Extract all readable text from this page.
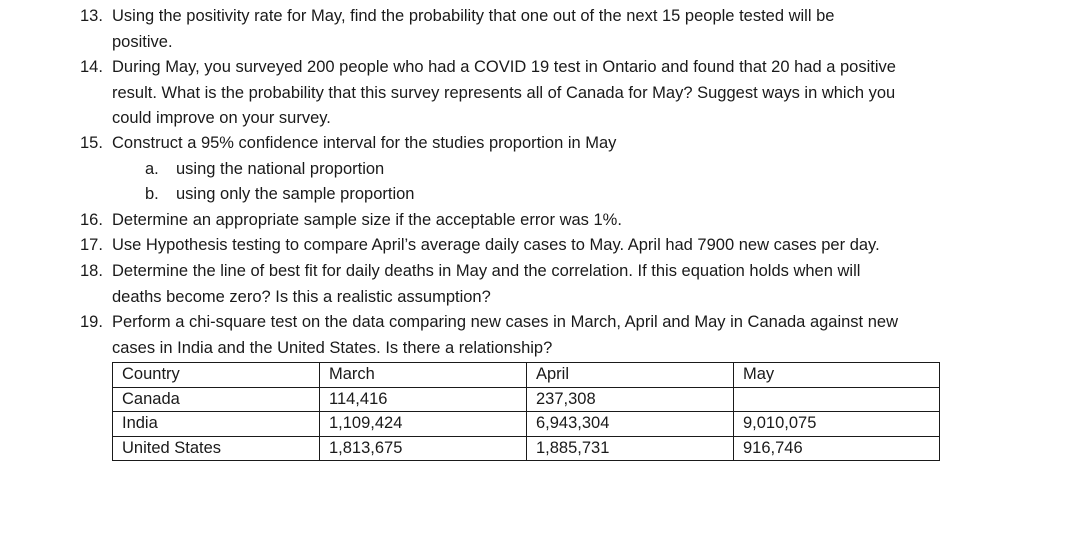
13. Using the positivity rate for May, find the probability that one out of the next 15 people tested will be
positive.
14. During May, you surveyed 200 people who had a COVID 19 test in Ontario and found that 20 had a positive
result. What is the probability that this survey represents all of Canada for May? Suggest ways in which you
could improve on your survey.
15. Construct a 95% confidence interval for the studies proportion in May
a. using the national proportion
b. using only the sample proportion
16. Determine an appropriate sample size if the acceptable error was 1%.
17. Use Hypothesis testing to compare April’s average daily cases to May. April had 7900 new cases per day.
18. Determine the line of best fit for daily deaths in May and the correlation. If this equation holds when will
deaths become zero? Is this a realistic assumption?
19. Perform a chi-square test on the data comparing new cases in March, April and May in Canada against new
cases in India and the United States. Is there a relationship?
Country	March	April	May
Canada	114,416	237,308	
India	1,109,424	6,943,304	9,010,075
United States	1,813,675	1,885,731	916,746
